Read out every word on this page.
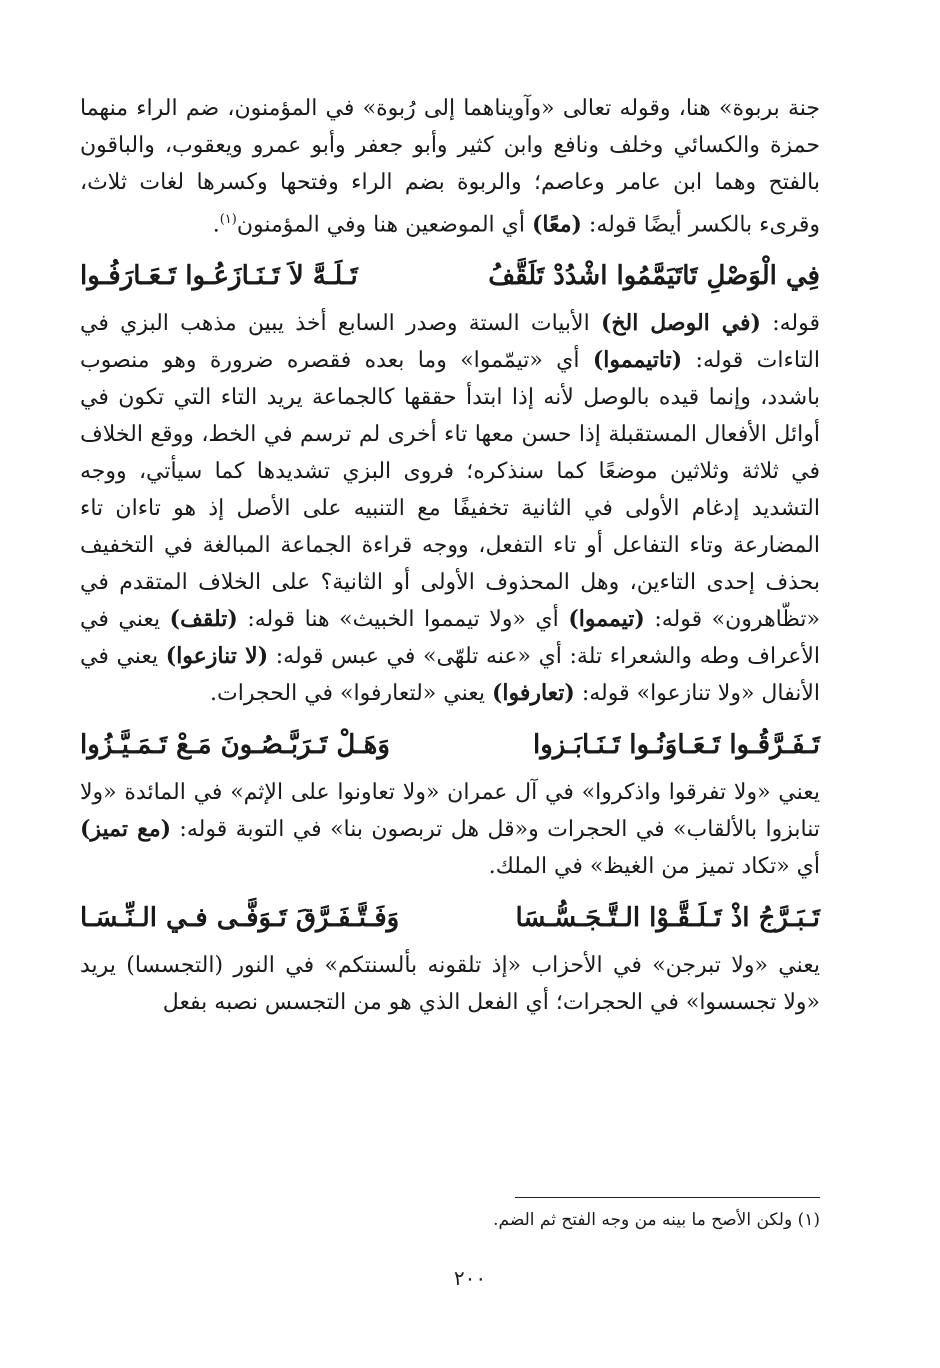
جنة بربوة» هنا، وقوله تعالى «وآويناهما إلى رُبوة» في المؤمنون، ضم الراء منهما حمزة والكسائي وخلف ونافع وابن كثير وأبو جعفر وأبو عمرو ويعقوب، والباقون بالفتح وهما ابن عامر وعاصم؛ والربوة بضم الراء وفتحها وكسرها لغات ثلاث، وقرىء بالكسر أيضًا قوله: (معًا) أي الموضعين هنا وفي المؤمنون$^{(١)}$.

فِي الْوَصْلِ تَاتَيَمَّمُوا اشْدُدْ تَلَقَّفُ
تَـلَـهَّ لاَ تَـنَـازَعُـوا تَـعَـارَفُـوا

قوله: (في الوصل الخ) الأبيات الستة وصدر السابع أخذ يبين مذهب البزي في التاءات قوله: (تاتيمموا) أي «تيمّموا» وما بعده فقصره ضرورة وهو منصوب باشدد، وإنما قيده بالوصل لأنه إذا ابتدأ حققها كالجماعة يريد التاء التي تكون في أوائل الأفعال المستقبلة إذا حسن معها تاء أخرى لم ترسم في الخط، ووقع الخلاف في ثلاثة وثلاثين موضعًا كما سنذكره؛ فروى البزي تشديدها كما سيأتي، ووجه التشديد إدغام الأولى في الثانية تخفيفًا مع التنبيه على الأصل إذ هو تاءان تاء المضارعة وتاء التفاعل أو تاء التفعل، ووجه قراءة الجماعة المبالغة في التخفيف بحذف إحدى التاءين، وهل المحذوف الأولى أو الثانية؟ على الخلاف المتقدم في «تظّاهرون» قوله: (تيمموا) أي «ولا تيمموا الخبيث» هنا قوله: (تلقف) يعني في الأعراف وطه والشعراء تلة: أي «عنه تلهّى» في عبس قوله: (لا تنازعوا) يعني في الأنفال «ولا تنازعوا» قوله: (تعارفوا) يعني «لتعارفوا» في الحجرات.

تَـفَـرَّقُـوا تَـعَـاوَنُـوا تَـنَـابَـزوا
وَهَـلْ تَـرَبَّـصُـونَ مَـعْ تَـمَـيَّـزُوا

يعني «ولا تفرقوا واذكروا» في آل عمران «ولا تعاونوا على الإثم» في المائدة «ولا تنابزوا بالألقاب» في الحجرات و«قل هل تربصون بنا» في التوبة قوله: (مع تميز) أي «تكاد تميز من الغيظ» في الملك.

تَـبَـرَّجُ اذْ تَـلَـقَّـوْا الـتَّـجَـسُّـسَا
وَفَـتَّـفَـرَّقَ تَـوَفَّـى فـي الـنِّـسَـا

يعني «ولا تبرجن» في الأحزاب «إذ تلقونه بألسنتكم» في النور (التجسسا) يريد «ولا تجسسوا» في الحجرات؛ أي الفعل الذي هو من التجسس نصبه بفعل

(١) ولكن الأصح ما بينه من وجه الفتح ثم الضم.
٢٠٠
